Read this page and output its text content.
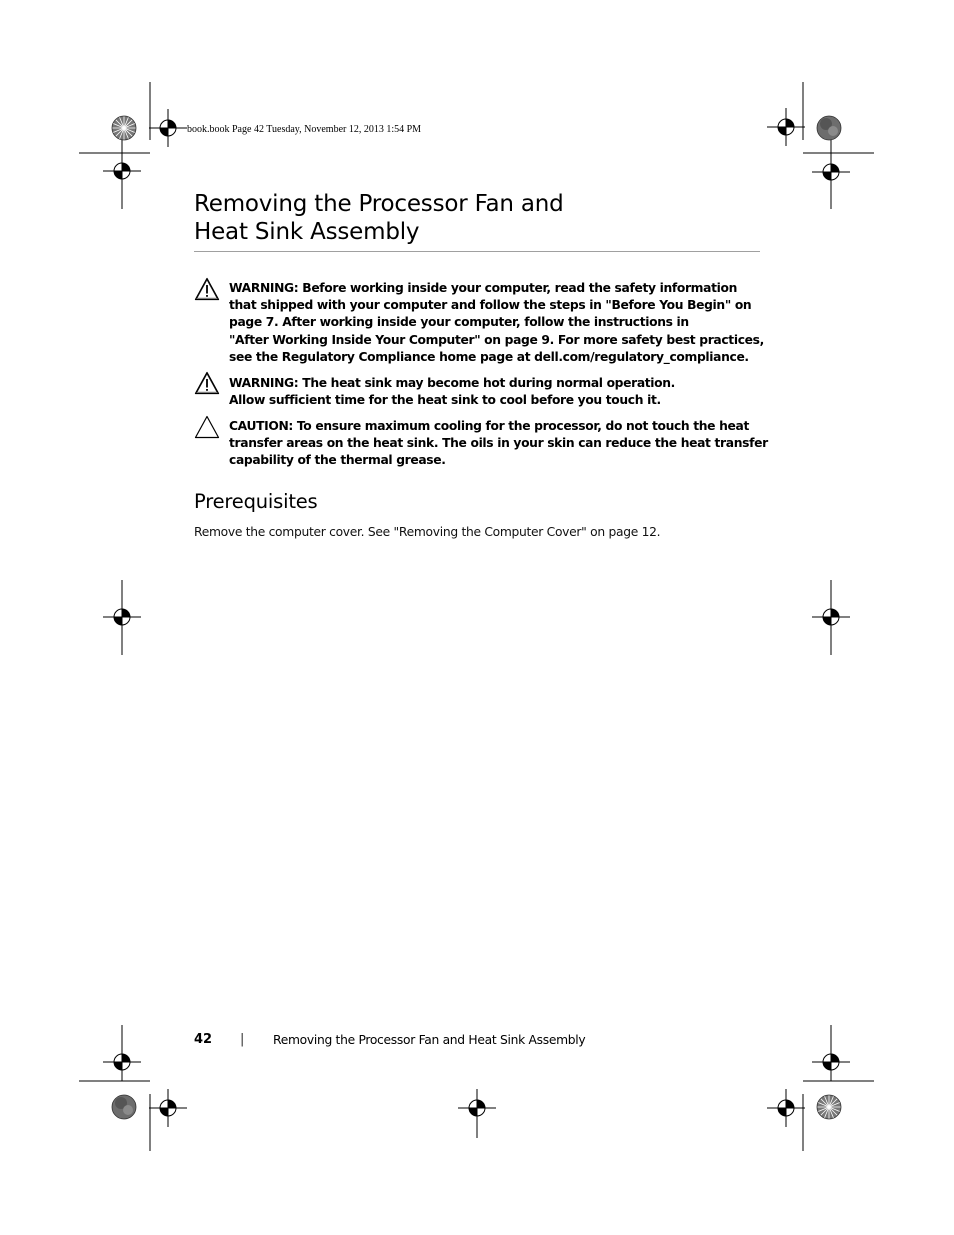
book.book Page 42 Tuesday, November 12, 2013 1:54 PM
Removing the Processor Fan and
Heat Sink Assembly
WARNING: Before working inside your computer, read the safety information
that shipped with your computer and follow the steps in "Before You Begin" on
page 7. After working inside your computer, follow the instructions in
"After Working Inside Your Computer" on page 9. For more safety best practices,
see the Regulatory Compliance home page at dell.com/regulatory_compliance.
WARNING: The heat sink may become hot during normal operation.
Allow sufficient time for the heat sink to cool before you touch it.
CAUTION: To ensure maximum cooling for the processor, do not touch the heat
transfer areas on the heat sink. The oils in your skin can reduce the heat transfer
capability of the thermal grease.
Prerequisites

Remove the computer cover. See "Removing the Computer Cover" on page 12.

42 | Removing the Processor Fan and Heat Sink Assembly
